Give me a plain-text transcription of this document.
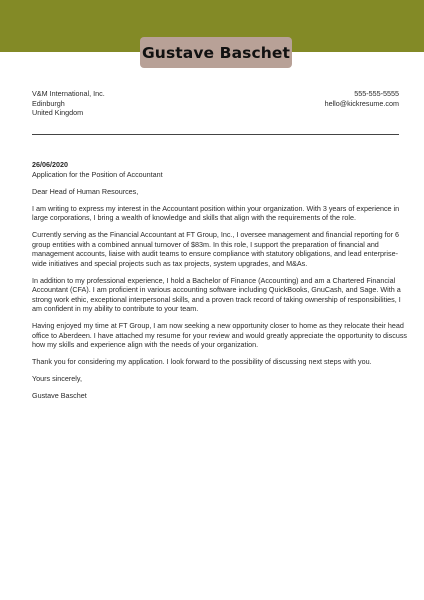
Gustave Baschet
V&M International, Inc.
Edinburgh
United Kingdom
555-555-5555
hello@kickresume.com
26/06/2020

Application for the Position of Accountant

Dear Head of Human Resources,

I am writing to express my interest in the Accountant position within your organization. With 3 years of experience in
large corporations, I bring a wealth of knowledge and skills that align with the requirements of the role.
Currently serving as the Financial Accountant at FT Group, Inc., I oversee management and financial reporting for 6
group entities with a combined annual turnover of $83m. In this role, I support the preparation of financial and
management accounts, liaise with audit teams to ensure compliance with statutory obligations, and lead enterprise-
wide initiatives and special projects such as tax projects, system upgrades, and M&As.
In addition to my professional experience, I hold a Bachelor of Finance (Accounting) and am a Chartered Financial
Accountant (CFA). I am proficient in various accounting software including QuickBooks, GnuCash, and Sage. With a
strong work ethic, exceptional interpersonal skills, and a proven track record of taking ownership of responsibilities, I
am confident in my ability to contribute to your team.
Having enjoyed my time at FT Group, I am now seeking a new opportunity closer to home as they relocate their head
office to Aberdeen. I have attached my resume for your review and would greatly appreciate the opportunity to discuss
how my skills and experience align with the needs of your organization.
Thank you for considering my application. I look forward to the possibility of discussing next steps with you.

Yours sincerely,

Gustave Baschet
